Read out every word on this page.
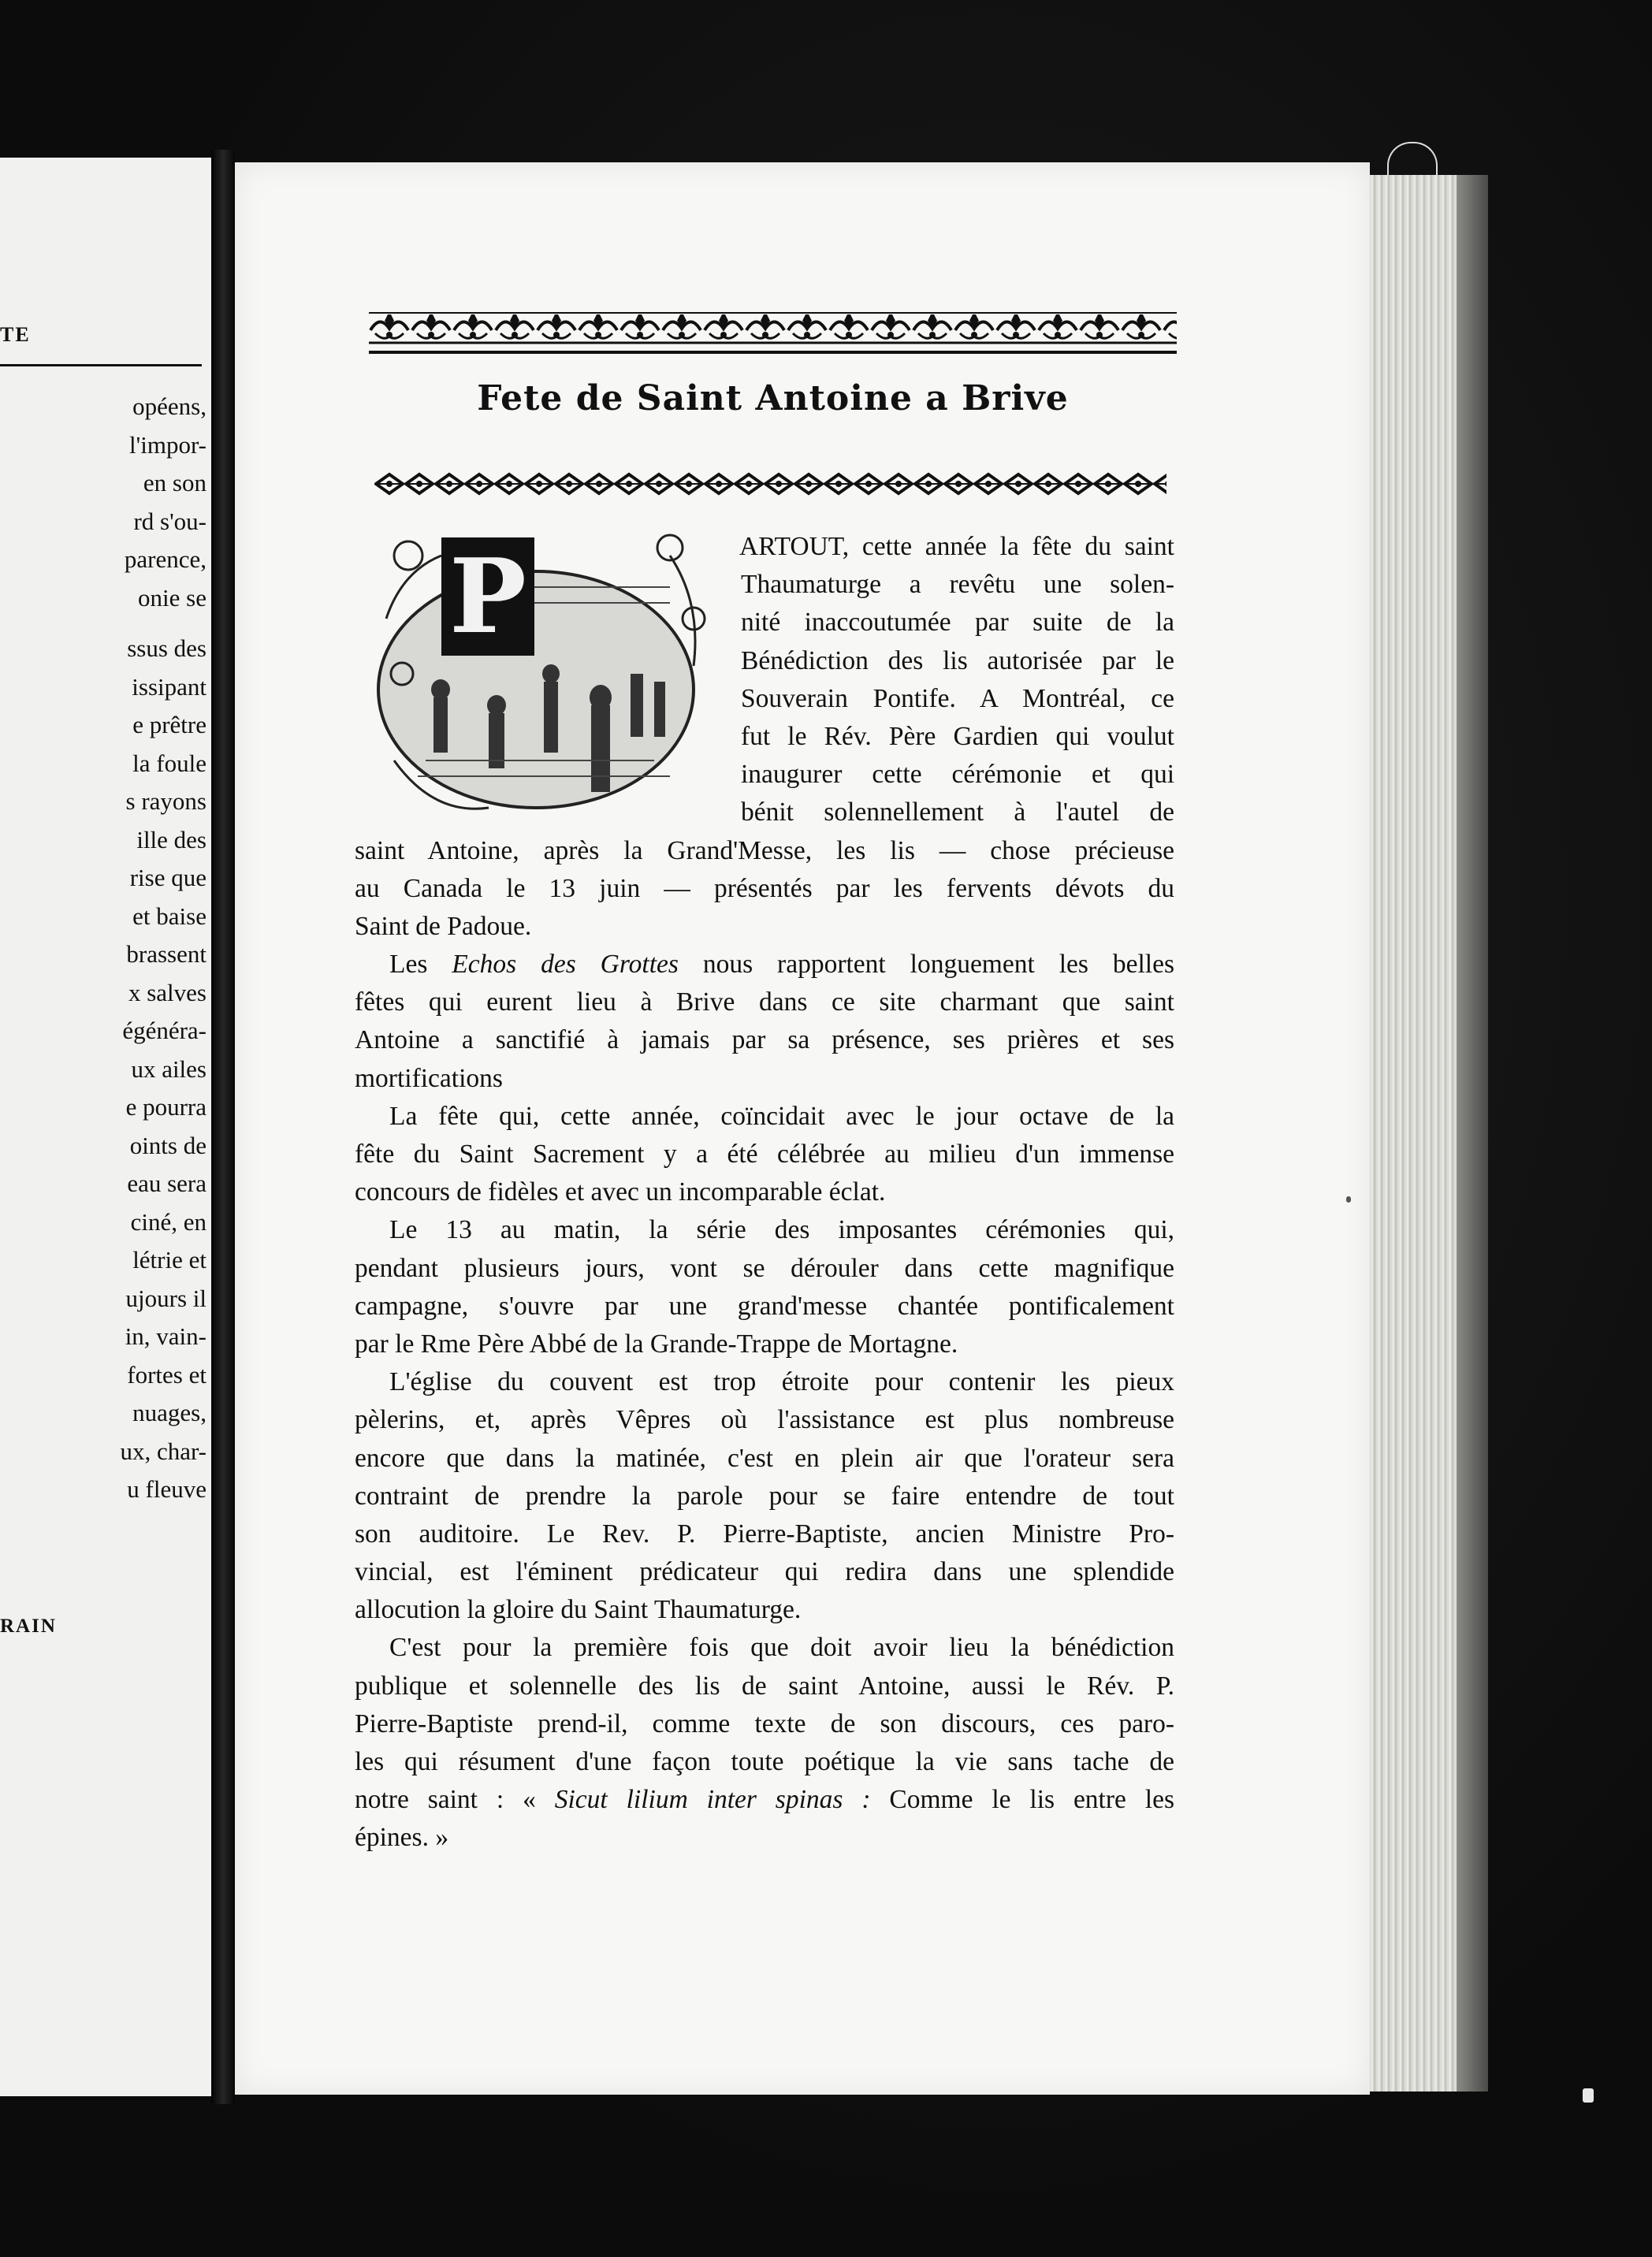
TE
opéens,
l'impor-
en son
rd s'ou-
parence,
onie se
ssus des
issipant
e prêtre
la foule
s rayons
ille des
rise que
et baise
brassent
x salves
égénéra-
ux ailes
e pourra
oints de
eau sera
ciné, en
létrie et
ujours il
in, vain-
fortes et
nuages,
ux, char-
u fleuve
RAIN
Fete de Saint Antoine a Brive
P	ARTOUT, cette année la fête du saint
Thaumaturge a revêtu une solen-
nité inaccoutumée par suite de la
Bénédiction des lis autorisée par le
Souverain Pontife. A Montréal, ce
fut le Rév. Père Gardien qui voulut
inaugurer cette cérémonie et qui
bénit solennellement à l'autel de
saint Antoine, après la Grand'Messe, les lis — chose précieuse
au Canada le 13 juin — présentés par les fervents dévots du
Saint de Padoue.
Les Echos des Grottes nous rapportent longuement les belles
fêtes qui eurent lieu à Brive dans ce site charmant que saint
Antoine a sanctifié à jamais par sa présence, ses prières et ses
mortifications
La fête qui, cette année, coïncidait avec le jour octave de la
fête du Saint Sacrement y a été célébrée au milieu d'un immense
concours de fidèles et avec un incomparable éclat.
Le 13 au matin, la série des imposantes cérémonies qui,
pendant plusieurs jours, vont se dérouler dans cette magnifique
campagne, s'ouvre par une grand'messe chantée pontificalement
par le Rme Père Abbé de la Grande-Trappe de Mortagne.
L'église du couvent est trop étroite pour contenir les pieux
pèlerins, et, après Vêpres où l'assistance est plus nombreuse
encore que dans la matinée, c'est en plein air que l'orateur sera
contraint de prendre la parole pour se faire entendre de tout
son auditoire. Le Rev. P. Pierre-Baptiste, ancien Ministre Pro-
vincial, est l'éminent prédicateur qui redira dans une splendide
allocution la gloire du Saint Thaumaturge.
C'est pour la première fois que doit avoir lieu la bénédiction
publique et solennelle des lis de saint Antoine, aussi le Rév. P.
Pierre-Baptiste prend-il, comme texte de son discours, ces paro-
les qui résument d'une façon toute poétique la vie sans tache de
notre saint : « Sicut lilium inter spinas : Comme le lis entre les
épines. »
